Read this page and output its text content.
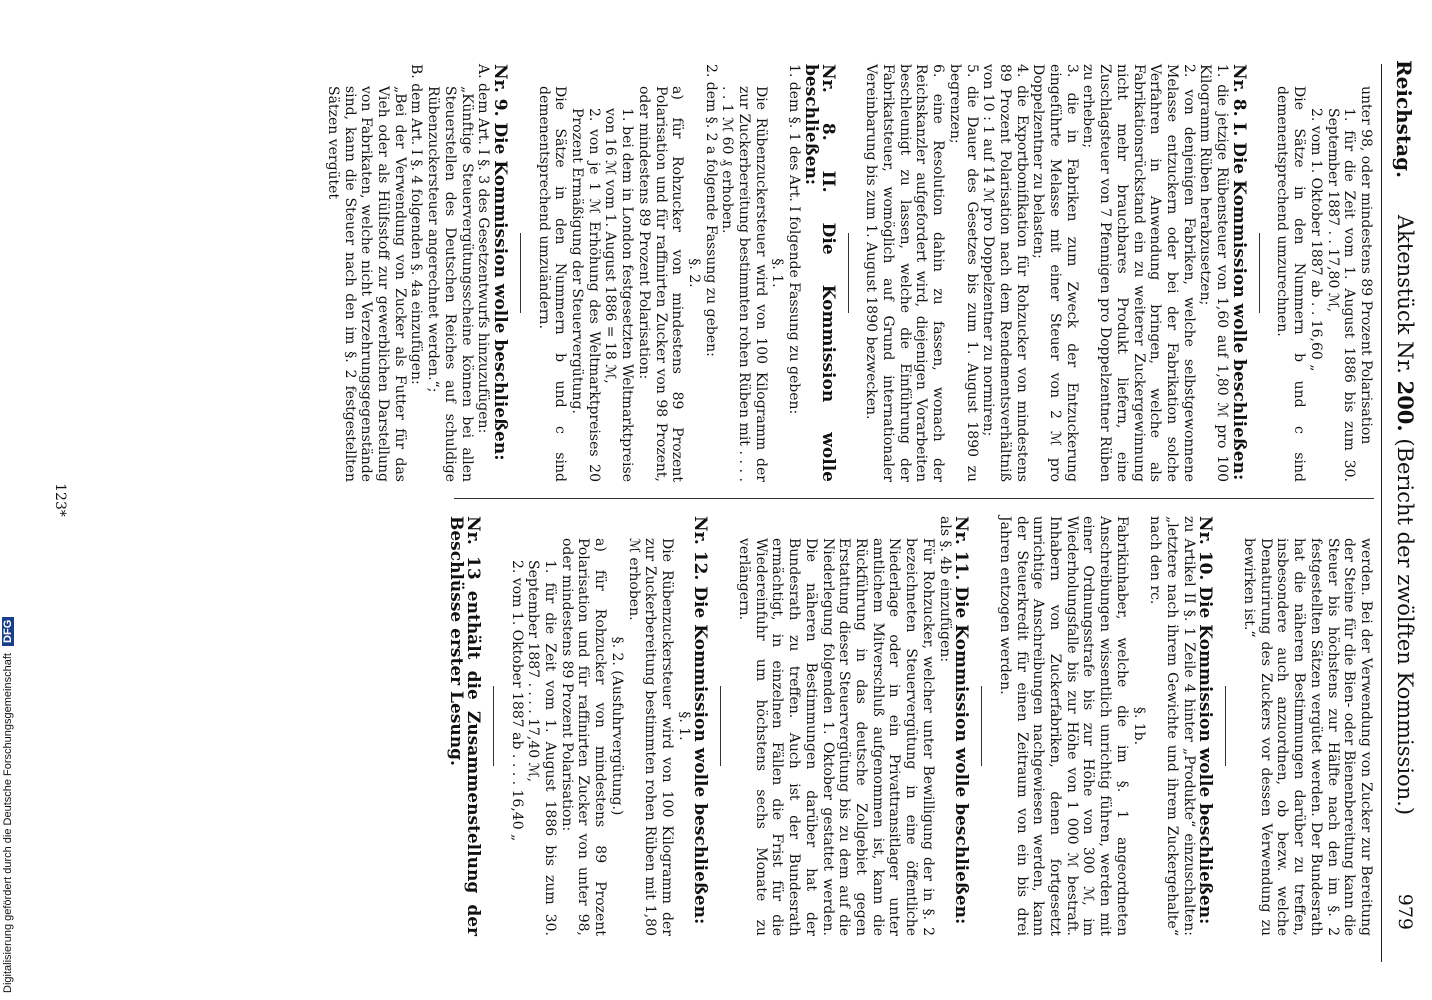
Reichstag.
Aktenstück Nr. 200. (Bericht der zwölften Kommission.)
979

unter 98, oder mindestens 89 Prozent Polarisation

1. für die Zeit vom 1. August 1886 bis zum 30. September 1887 . . 17,80 ℳ,

2. vom 1. Oktober 1887 ab . . 16,60 „

Die Sätze in den Nummern b und c sind demenentsprechend umzurechnen.

Nr. 8. I. Die Kommission wolle beschließen:

1. die jetzige Rübensteuer von 1,60 auf 1,80 ℳ pro 100 Kilogramm Rüben herabzusetzen;

2. von denjenigen Fabriken, welche selbstgewonnene Melasse entzuckern oder bei der Fabrikation solche Verfahren in Anwendung bringen, welche als Fabrikationsrückstand ein zu weiterer Zuckergewinnung nicht mehr brauchbares Produkt liefern, eine Zuschlagsteuer von 7 Pfennigen pro Doppelzentner Rüben zu erheben;

3. die in Fabriken zum Zweck der Entzuckerung eingeführte Melasse mit einer Steuer von 2 ℳ pro Doppelzentner zu belasten;

4. die Exportbonifikation für Rohzucker von mindestens 89 Prozent Polarisation nach dem Rendementsverhältniß von 10 : 1 auf 14 ℳ pro Doppelzentner zu normiren;

5. die Dauer des Gesetzes bis zum 1. August 1890 zu begrenzen;

6. eine Resolution dahin zu fassen, wonach der Reichskanzler aufgefordert wird, diejenigen Vorarbeiten beschleunigt zu lassen, welche die Einführung der Fabrikatsteuer, womöglich auf Grund internationaler Vereinbarung bis zum 1. August 1890 bezwecken.

Nr. 8. II. Die Kommission wolle beschließen:

1. dem §. 1 des Art. I folgende Fassung zu geben:

§. 1.

Die Rübenzuckersteuer wird von 100 Kilogramm der zur Zuckerbereitung bestimmten rohen Rüben mit . . . . . . 1 ℳ 60 ₰ erhoben.

2. dem §. 2 a folgende Fassung zu geben:

§. 2.

a) für Rohzucker von mindestens 89 Prozent Polarisation und für raffinirten Zucker von 98 Prozent, oder mindestens 89 Prozent Polarisation:

1. bei dem in London festgesetzten Weltmarktpreise von 16 ℳ vom 1. August 1886 = 18 ℳ,

2. von je 1 ℳ Erhöhung des Weltmarktpreises 20 Prozent Ermäßigung der Steuervergütung.

Die Sätze in den Nummern b und c sind demenentsprechend umzuändern.

Nr. 9. Die Kommission wolle beschließen:

A. dem Art. I §. 3 des Gesetzentwurfs hinzuzufügen:

„Künftige Steuervergütungsscheine können bei allen Steuerstellen des Deutschen Reiches auf schuldige Rübenzuckersteuer angerechnet werden.“;

B. dem Art. I §. 4 folgenden §. 4a einzufügen:

„Bei der Verwendung von Zucker als Futter für das Vieh oder als Hülfsstoff zur gewerblichen Darstellung von Fabrikaten, welche nicht Verzehrungsgegenstände sind, kann die Steuer nach den im §. 2 festgestellten Sätzen vergütet

werden. Bei der Verwendung von Zucker zur Bereitung der Steine für die Bien- oder Bienenbereitung kann die Steuer bis höchstens zur Hälfte nach den im §. 2 festgestellten Sätzen vergütet werden. Der Bundesrath hat die näheren Bestimmungen darüber zu treffen, insbesondere auch anzuordnen, ob bezw. welche Denaturirung des Zuckers vor dessen Verwendung zu bewirken ist.“

Nr. 10. Die Kommission wolle beschließen:

zu Artikel II §. 1 Zeile 4 hinter „Produkte“ einzuschalten: „letztere nach ihrem Gewichte und ihrem Zuckergehalte“ nach den rc.

§. 1b.

Fabrikinhaber, welche die im §. 1 angeordneten Anschreibungen wissentlich unrichtig führen, werden mit einer Ordnungsstrafe bis zur Höhe von 300 ℳ, im Wiederholungsfalle bis zur Höhe von 1 000 ℳ bestraft. Inhabern von Zuckerfabriken, denen fortgesetzt unrichtige Anschreibungen nachgewiesen werden, kann der Steuerkredit für einen Zeitraum von ein bis drei Jahren entzogen werden.

Nr. 11. Die Kommission wolle beschließen:

als §. 4b einzufügen:

Für Rohzucker, welcher unter Bewilligung der in §. 2 bezeichneten Steuervergütung in eine öffentliche Niederlage oder in ein Privattransitlager unter amtlichem Mitverschluß aufgenommen ist, kann die Rückführung in das deutsche Zollgebiet gegen Erstattung dieser Steuervergütung bis zu dem auf die Niederlegung folgenden 1. Oktober gestattet werden. Die näheren Bestimmungen darüber hat der Bundesrath zu treffen. Auch ist der Bundesrath ermächtigt, in einzelnen Fällen die Frist für die Wiedereinfuhr um höchstens sechs Monate zu verlängern.

Nr. 12. Die Kommission wolle beschließen:

§. 1.

Die Rübenzuckersteuer wird von 100 Kilogramm der zur Zuckerbereitung bestimmten rohen Rüben mit 1,80 ℳ erhoben.

§. 2. (Ausfuhrvergütung.)

a) für Rohzucker von mindestens 89 Prozent Polarisation und für raffinirten Zucker von unter 98, oder mindestens 89 Prozent Polarisation:

1. für die Zeit vom 1. August 1886 bis zum 30. September 1887 . . . . 17,40 ℳ,

2. vom 1. Oktober 1887 ab . . . . 16,40 „

Nr. 13 enthält die Zusammenstellung der Beschlüsse erster Lesung.

123*
Digitalisierung gefördert durch die Deutsche Forschungsgemeinschaft DFG
